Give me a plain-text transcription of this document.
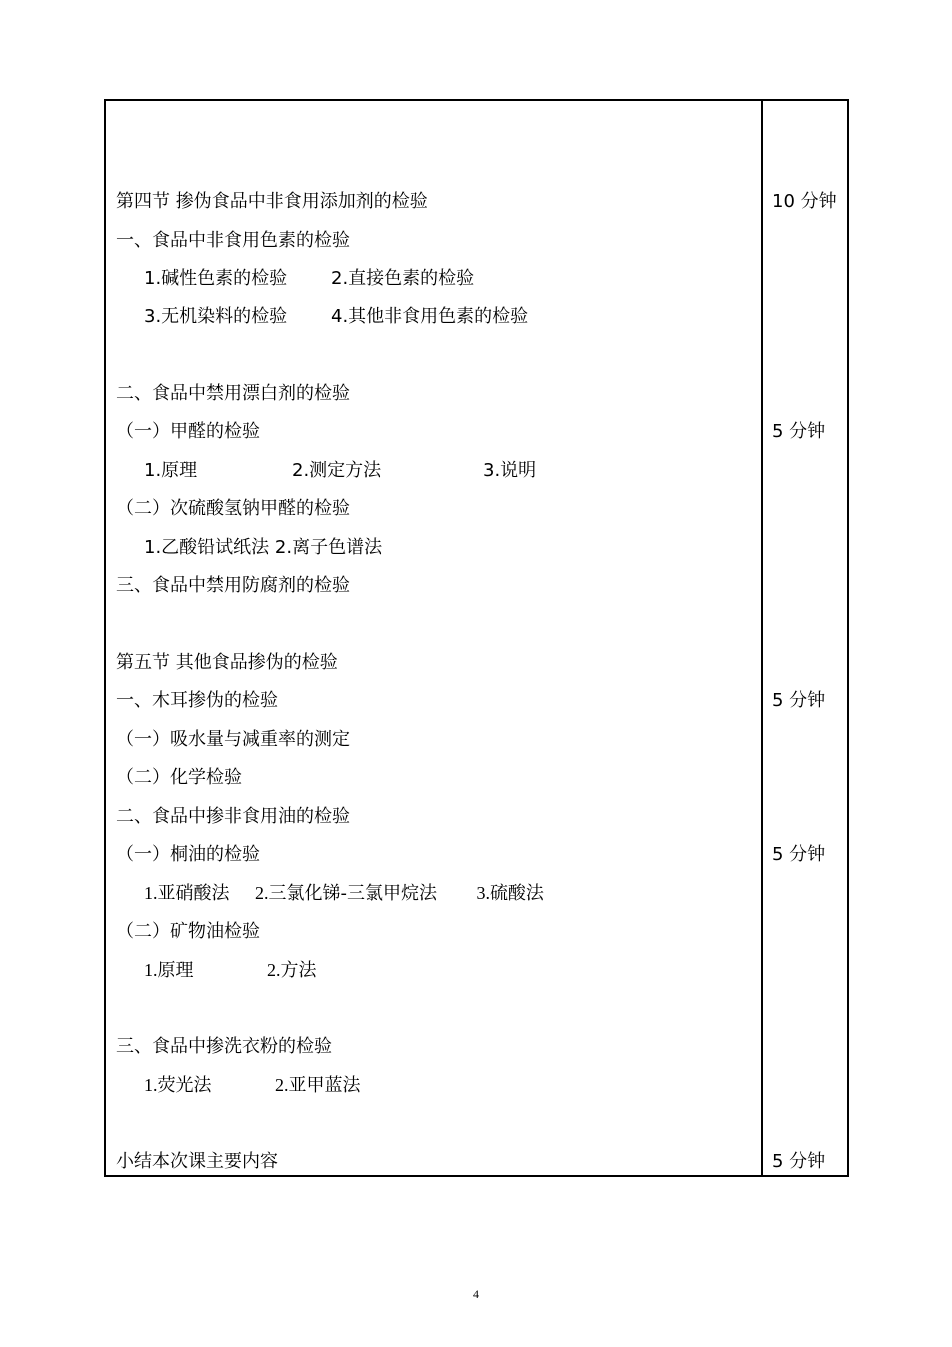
第四节 掺伪食品中非食用添加剂的检验	10 分钟
一、食品中非食用色素的检验
1.碱性色素的检验 2.直接色素的检验
3.无机染料的检验 4.其他非食用色素的检验
二、食品中禁用漂白剂的检验
（一）甲醛的检验	5 分钟
1.原理	2.测定方法	3.说明
（二）次硫酸氢钠甲醛的检验
1.乙酸铅试纸法 2.离子色谱法
三、食品中禁用防腐剂的检验
第五节 其他食品掺伪的检验
一、木耳掺伪的检验	5 分钟
（一）吸水量与减重率的测定
（二）化学检验
二、食品中掺非食用油的检验
（一）桐油的检验	5 分钟
1.亚硝酸法 2.三氯化锑-三氯甲烷法 3.硫酸法
（二）矿物油检验
1.原理	2.方法
三、食品中掺洗衣粉的检验
1.荧光法	2.亚甲蓝法
小结本次课主要内容	5 分钟
4
